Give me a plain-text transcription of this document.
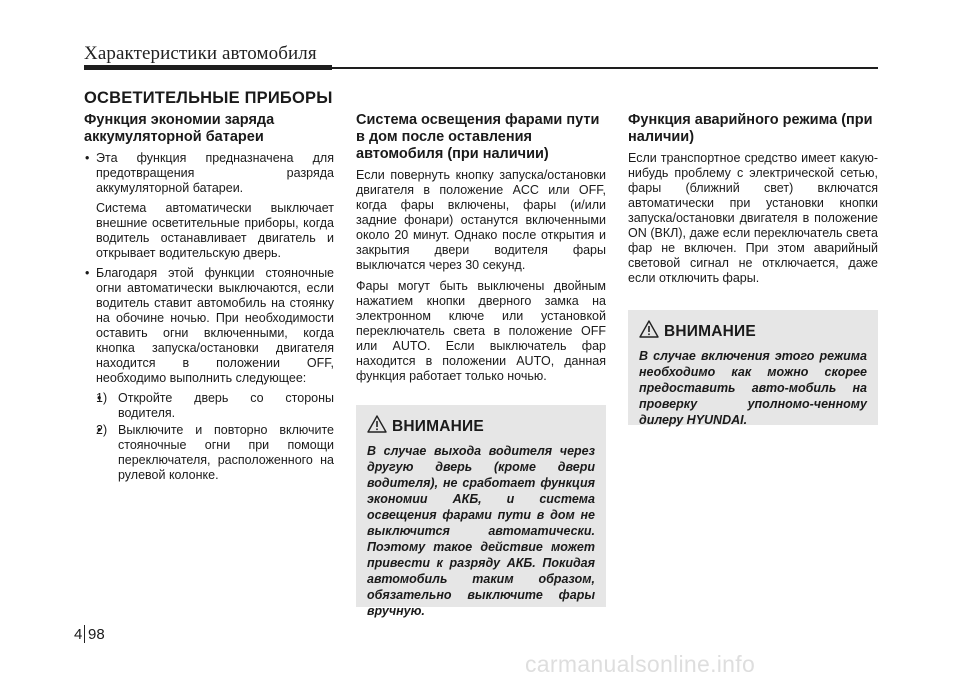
Характеристики автомобиля
ОСВЕТИТЕЛЬНЫЕ ПРИБОРЫ
Функция экономии заряда аккумуляторной батареи

• Эта функция предназначена для предотвращения разряда аккумуляторной батареи.

Система автоматически выключает внешние осветительные приборы, когда водитель останавливает двигатель и открывает водительскую дверь.

• Благодаря этой функции стояночные огни автоматически выключаются, если водитель ставит автомобиль на стоянку на обочине ночью. При необходимости оставить огни включенными, когда кнопка запуска/остановки двигателя находится в положении OFF, необходимо выполнить следующее:

• 1) Откройте дверь со стороны водителя.
• 2) Выключите и повторно включите стояночные огни при помощи переключателя, расположенного на рулевой колонке.
Система освещения фарами пути в дом после оставления автомобиля (при наличии)

Если повернуть кнопку запуска/остановки двигателя в положение ACC или OFF, когда фары включены, фары (и/или задние фонари) останутся включенными около 20 минут. Однако после открытия и закрытия двери водителя фары выключатся через 30 секунд.

Фары могут быть выключены двойным нажатием кнопки дверного замка на электронном ключе или установкой переключатель света в положение OFF или AUTO. Если выключатель фар находится в положении AUTO, данная функция работает только ночью.

ВНИМАНИЕ
В случае выхода водителя через другую дверь (кроме двери водителя), не сработает функция экономии АКБ, и система освещения фарами пути в дом не выключится автоматически. Поэтому такое действие может привести к разряду АКБ. Покидая автомобиль таким образом, обязательно выключите фары вручную.
Функция аварийного режима (при наличии)

Если транспортное средство имеет какую-нибудь проблему с электрической сетью, фары (ближний свет) включатся автоматически при установки кнопки запуска/остановки двигателя в положение ON (ВКЛ), даже если переключатель света фар не включен. При этом аварийный световой сигнал не отключается, даже если отключить фары.

ВНИМАНИЕ
В случае включения этого режима необходимо как можно скорее предоставить авто-мобиль на проверку уполномо-ченному дилеру HYUNDAI.
4 98
carmanualsonline.info
